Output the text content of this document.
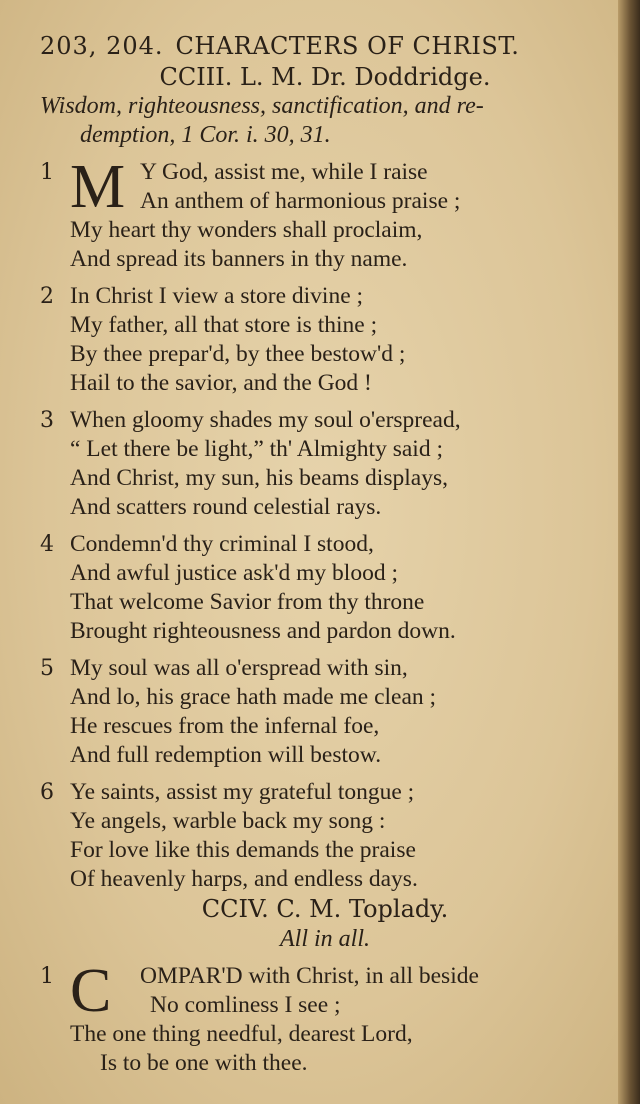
203, 204. CHARACTERS OF CHRIST.
CCIII. L. M. Dr. Doddridge.
Wisdom, righteousness, sanctification, and re-
demption, 1 Cor. i. 30, 31.
1 M Y God, assist me, while I raise
An anthem of harmonious praise ;
My heart thy wonders shall proclaim,
And spread its banners in thy name.
2 In Christ I view a store divine ;
My father, all that store is thine ;
By thee prepar'd, by thee bestow'd ;
Hail to the savior, and the God !
3 When gloomy shades my soul o'erspread,
“ Let there be light,” th' Almighty said ;
And Christ, my sun, his beams displays,
And scatters round celestial rays.
4 Condemn'd thy criminal I stood,
And awful justice ask'd my blood ;
That welcome Savior from thy throne
Brought righteousness and pardon down.
5 My soul was all o'erspread with sin,
And lo, his grace hath made me clean ;
He rescues from the infernal foe,
And full redemption will bestow.
6 Ye saints, assist my grateful tongue ;
Ye angels, warble back my song :
For love like this demands the praise
Of heavenly harps, and endless days.
CCIV. C. M. Toplady.
All in all.
1 C	OMPAR'D with Christ, in all beside
No comliness I see ;
The one thing needful, dearest Lord,
Is to be one with thee.
